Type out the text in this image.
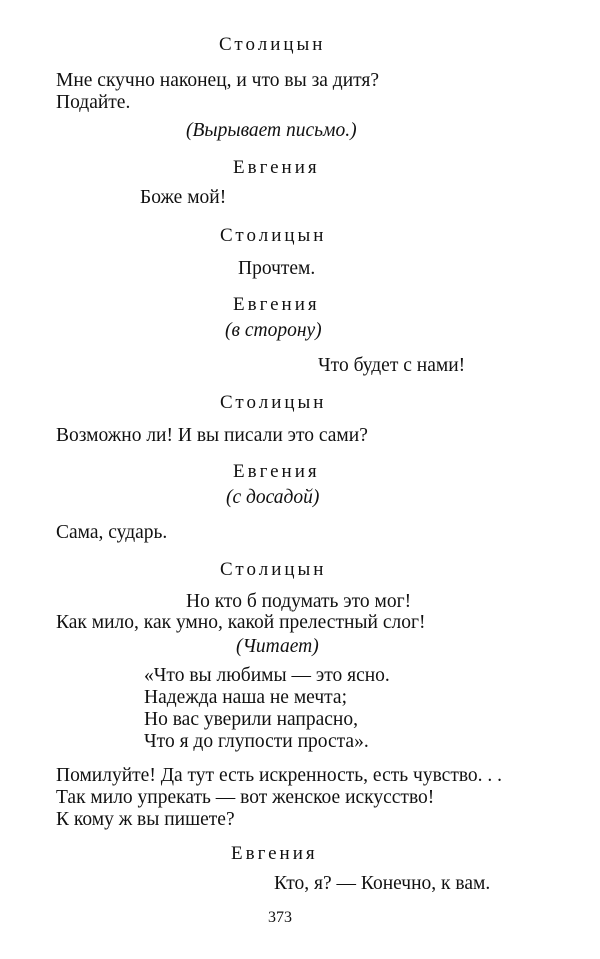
Столицын
Мне скучно наконец, и что вы за дитя?
Подайте.
(Вырывает письмо.)
Евгения
Боже мой!
Столицын
Прочтем.
Евгения
(в сторону)
Что будет с нами!
Столицын
Возможно ли! И вы писали это сами?
Евгения
(с досадой)
Сама, сударь.
Столицын
Но кто б подумать это мог!
Как мило, как умно, какой прелестный слог!
(Читает)
«Что вы любимы — это ясно.
Надежда наша не мечта;
Но вас уверили напрасно,
Что я до глупости проста».
Помилуйте! Да тут есть искренность, есть чувство. . .
Так мило упрекать — вот женское искусство!
К кому ж вы пишете?
Евгения
Кто, я? — Конечно, к вам.
373
